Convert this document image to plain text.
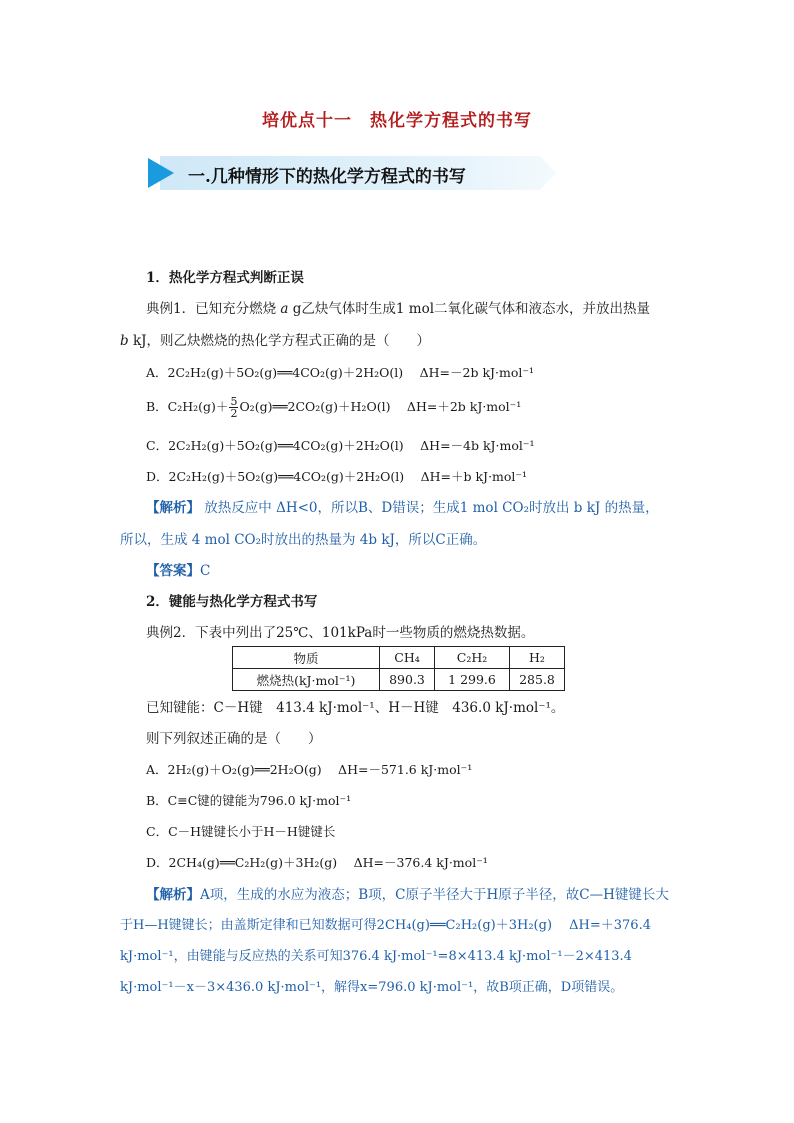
培优点十一　热化学方程式的书写
一.几种情形下的热化学方程式的书写
1．热化学方程式判断正误
典例1．已知充分燃烧 a g乙炔气体时生成1 mol二氧化碳气体和液态水，并放出热量
b kJ，则乙炔燃烧的热化学方程式正确的是（　　）
A．2C₂H₂(g)＋5O₂(g)══4CO₂(g)＋2H₂O(l)　 ΔH=－2b kJ·mol⁻¹
B．$C_2H_2(g)+ \frac{5}{2}$ O₂(g)══2CO₂(g)＋H₂O(l)　 ΔH=＋2b kJ·mol⁻¹
C．2C₂H₂(g)＋5O₂(g)══4CO₂(g)＋2H₂O(l)　 ΔH=－4b kJ·mol⁻¹
D．2C₂H₂(g)＋5O₂(g)══4CO₂(g)＋2H₂O(l)　 ΔH=＋b kJ·mol⁻¹
【解析】 放热反应中 ΔH<0，所以B、D错误；生成1 mol CO₂时放出 b kJ 的热量，
所以，生成 4 mol CO₂时放出的热量为 4b kJ，所以C正确。
【答案】C
2．键能与热化学方程式书写
典例2．下表中列出了25℃、101kPa时一些物质的燃烧热数据。
物质	CH₄	C₂H₂	H₂
燃烧热(kJ·mol⁻¹)	890.3	1 299.6	285.8
已知键能：C－H键　413.4 kJ·mol⁻¹、H－H键　436.0 kJ·mol⁻¹。
则下列叙述正确的是（　　）
A．2H₂(g)＋O₂(g)══2H₂O(g)　 ΔH=－571.6 kJ·mol⁻¹
B．C≡C键的键能为796.0 kJ·mol⁻¹
C．C－H键键长小于H－H键键长
D．2CH₄(g)══C₂H₂(g)＋3H₂(g)　 ΔH=－376.4 kJ·mol⁻¹
【解析】A项，生成的水应为液态；B项，C原子半径大于H原子半径，故C—H键键长大
于H—H键键长；由盖斯定律和已知数据可得2CH₄(g)══C₂H₂(g)＋3H₂(g)　 ΔH=＋376.4
kJ·mol⁻¹，由键能与反应热的关系可知376.4 kJ·mol⁻¹=8×413.4 kJ·mol⁻¹－2×413.4
kJ·mol⁻¹－x－3×436.0 kJ·mol⁻¹，解得x=796.0 kJ·mol⁻¹，故B项正确，D项错误。
